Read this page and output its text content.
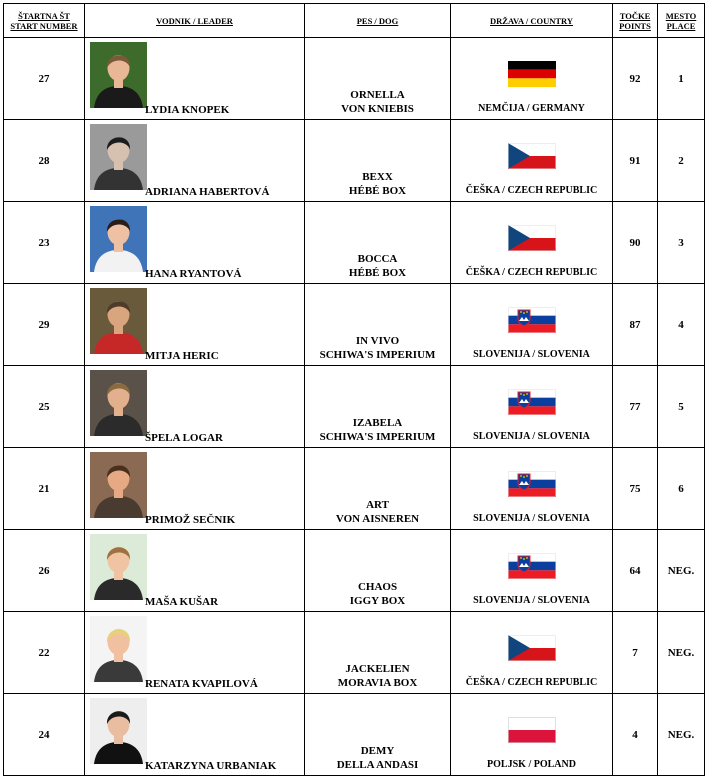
ŠTARTNA ŠT
START NUMBER	VODNIK / LEADER	PES / DOG	DRŽAVA / COUNTRY	TOČKE
POINTS	MESTO
PLACE

27	LYDIA KNOPEK	ORNELLA
VON KNIEBIS	NEMČIJA / GERMANY	92	1
28	ADRIANA HABERTOVÁ	BEXX
HÉBÉ BOX	ČEŠKA / CZECH REPUBLIC	91	2
23	HANA RYANTOVÁ	BOCCA
HÉBÉ BOX	ČEŠKA / CZECH REPUBLIC	90	3
29	MITJA HERIC	IN VIVO
SCHIWA'S IMPERIUM	SLOVENIJA / SLOVENIA	87	4
25	ŠPELA LOGAR	IZABELA
SCHIWA'S IMPERIUM	SLOVENIJA / SLOVENIA	77	5
21	PRIMOŽ SEČNIK	ART
VON AISNEREN	SLOVENIJA / SLOVENIA	75	6
26	MAŠA KUŠAR	CHAOS
IGGY BOX	SLOVENIJA / SLOVENIA	64	NEG.
22	RENATA KVAPILOVÁ	JACKELIEN
MORAVIA BOX	ČEŠKA / CZECH REPUBLIC	7	NEG.
24	KATARZYNA URBANIAK	DEMY
DELLA ANDASI	POLJSK / POLAND	4	NEG.
